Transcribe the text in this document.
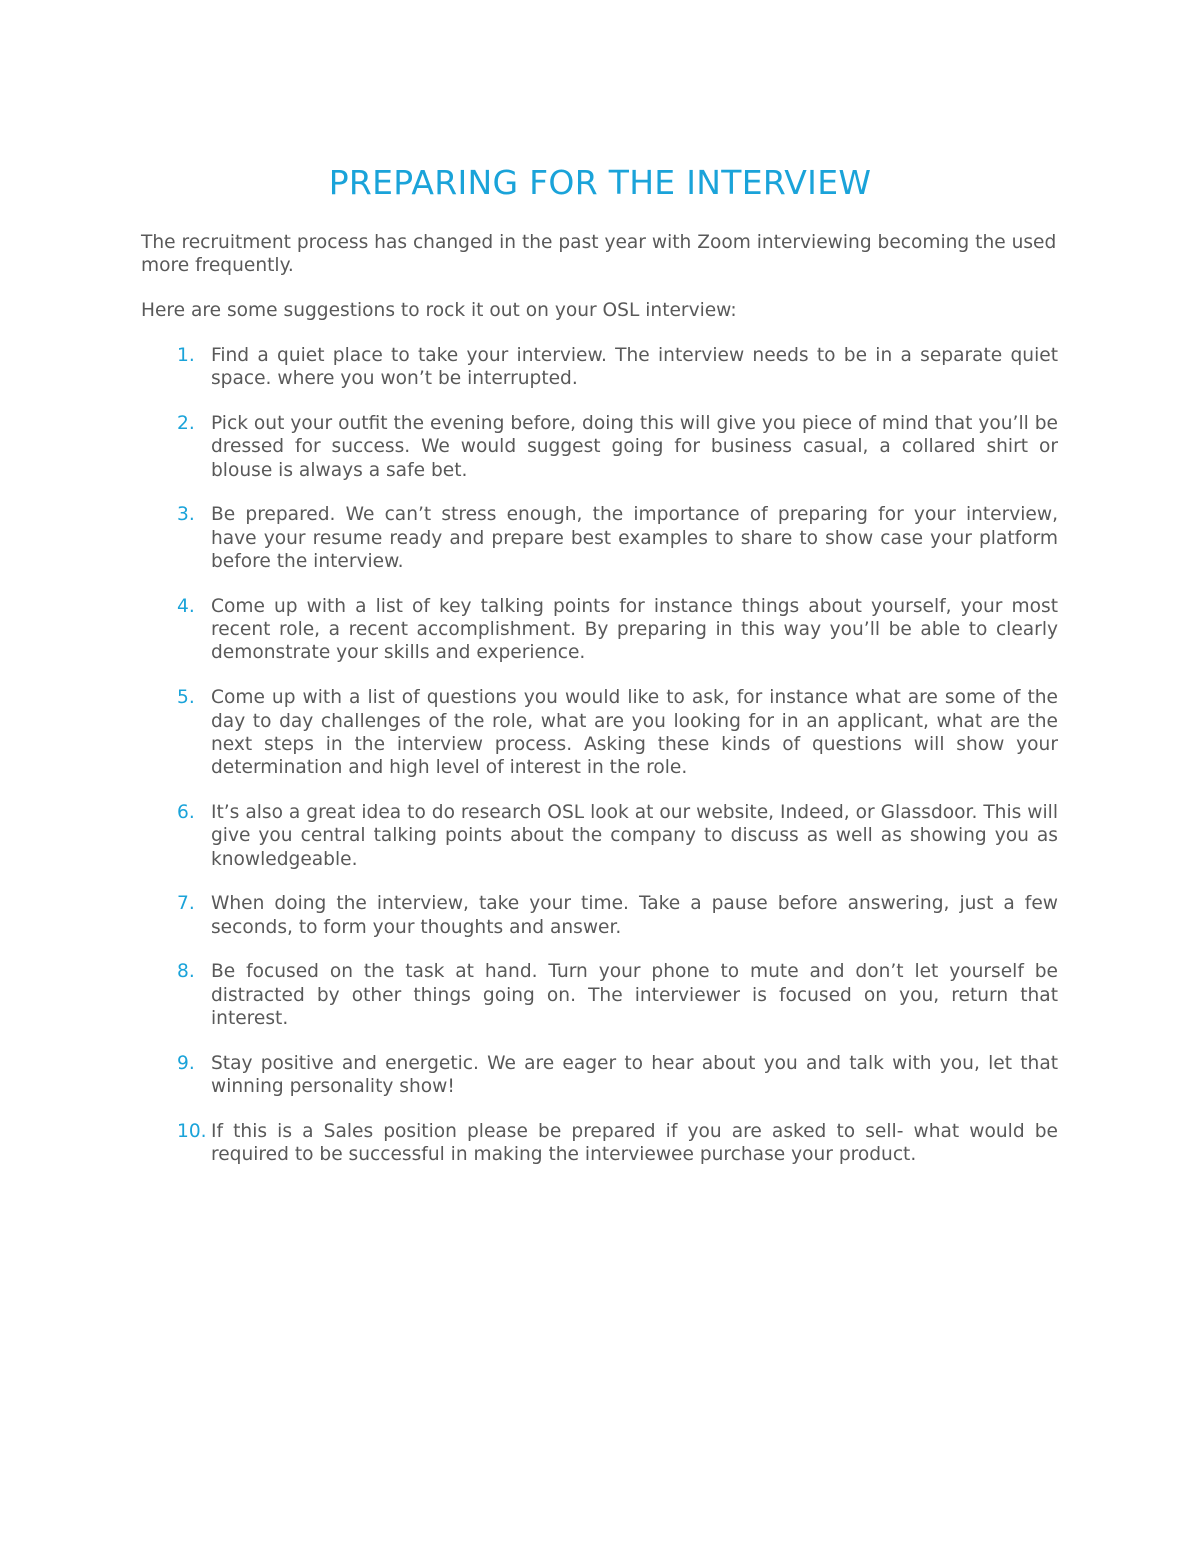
PREPARING FOR THE INTERVIEW

The recruitment process has changed in the past year with Zoom interviewing becoming the used more frequently.

Here are some suggestions to rock it out on your OSL interview:

1. Find a quiet place to take your interview. The interview needs to be in a separate quiet space. where you won’t be interrupted.
2. Pick out your outfit the evening before, doing this will give you piece of mind that you’ll be dressed for success. We would suggest going for business casual, a collared shirt or blouse is always a safe bet.
3. Be prepared. We can’t stress enough, the importance of preparing for your interview, have your resume ready and prepare best examples to share to show case your platform before the interview.
4. Come up with a list of key talking points for instance things about yourself, your most recent role, a recent accomplishment. By preparing in this way you’ll be able to clearly demonstrate your skills and experience.
5. Come up with a list of questions you would like to ask, for instance what are some of the day to day challenges of the role, what are you looking for in an applicant, what are the next steps in the interview process. Asking these kinds of questions will show your determination and high level of interest in the role.
6. It’s also a great idea to do research OSL look at our website, Indeed, or Glassdoor. This will give you central talking points about the company to discuss as well as showing you as knowledgeable.
7. When doing the interview, take your time. Take a pause before answering, just a few seconds, to form your thoughts and answer.
8. Be focused on the task at hand. Turn your phone to mute and don’t let yourself be distracted by other things going on. The interviewer is focused on you, return that interest.
9. Stay positive and energetic. We are eager to hear about you and talk with you, let that winning personality show!
10. If this is a Sales position please be prepared if you are asked to sell- what would be required to be successful in making the interviewee purchase your product.
